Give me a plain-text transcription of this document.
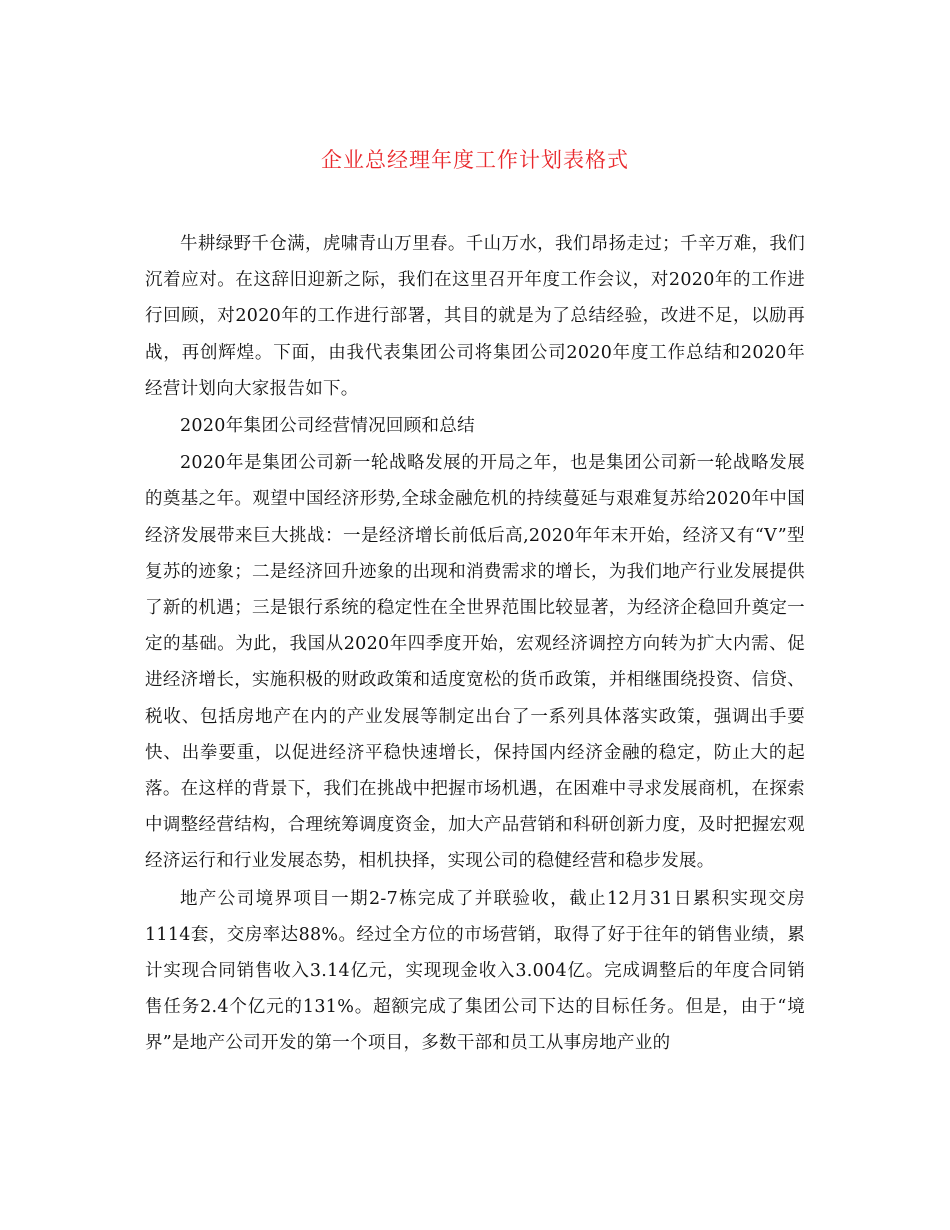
企业总经理年度工作计划表格式

牛耕绿野千仓满，虎啸青山万里春。千山万水，我们昂扬走过；千辛万难，我们沉着应对。在这辞旧迎新之际，我们在这里召开年度工作会议，对2020年的工作进行回顾，对2020年的工作进行部署，其目的就是为了总结经验，改进不足，以励再战，再创辉煌。下面，由我代表集团公司将集团公司2020年度工作总结和2020年经营计划向大家报告如下。

2020年集团公司经营情况回顾和总结

2020年是集团公司新一轮战略发展的开局之年，也是集团公司新一轮战略发展的奠基之年。观望中国经济形势,全球金融危机的持续蔓延与艰难复苏给2020年中国经济发展带来巨大挑战：一是经济增长前低后高,2020年年末开始，经济又有“V”型复苏的迹象；二是经济回升迹象的出现和消费需求的增长，为我们地产行业发展提供了新的机遇；三是银行系统的稳定性在全世界范围比较显著，为经济企稳回升奠定一定的基础。为此，我国从2020年四季度开始，宏观经济调控方向转为扩大内需、促进经济增长，实施积极的财政政策和适度宽松的货币政策，并相继围绕投资、信贷、税收、包括房地产在内的产业发展等制定出台了一系列具体落实政策，强调出手要快、出拳要重，以促进经济平稳快速增长，保持国内经济金融的稳定，防止大的起落。在这样的背景下，我们在挑战中把握市场机遇，在困难中寻求发展商机，在探索中调整经营结构，合理统筹调度资金，加大产品营销和科研创新力度，及时把握宏观经济运行和行业发展态势，相机抉择，实现公司的稳健经营和稳步发展。

地产公司境界项目一期2-7栋完成了并联验收，截止12月31日累积实现交房1114套，交房率达88%。经过全方位的市场营销，取得了好于往年的销售业绩，累计实现合同销售收入3.14亿元，实现现金收入3.004亿。完成调整后的年度合同销售任务2.4个亿元的131%。超额完成了集团公司下达的目标任务。但是，由于“境界”是地产公司开发的第一个项目，多数干部和员工从事房地产业的
